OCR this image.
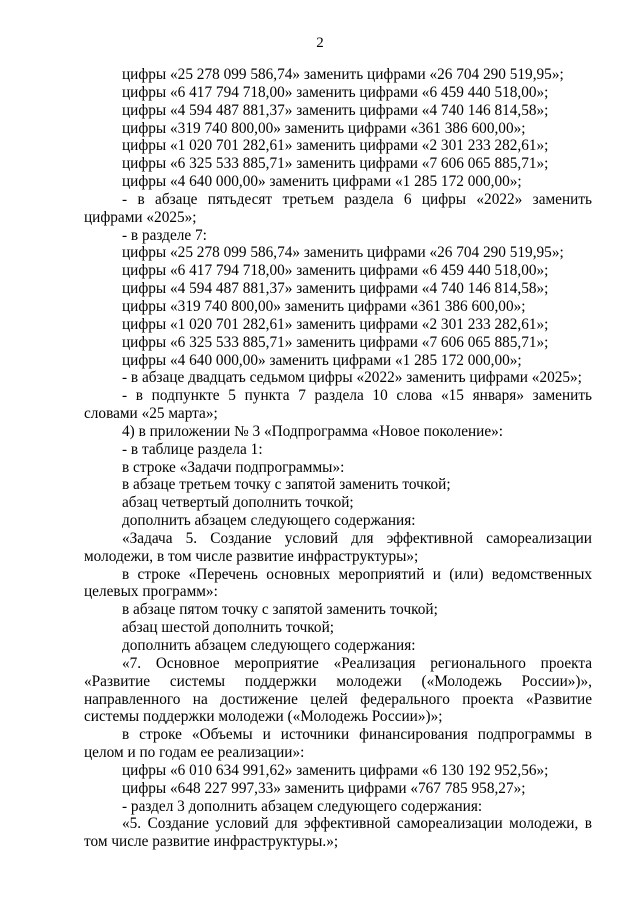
2

цифры «25 278 099 586,74» заменить цифрами «26 704 290 519,95»;

цифры «6 417 794 718,00» заменить цифрами «6 459 440 518,00»;

цифры «4 594 487 881,37» заменить цифрами «4 740 146 814,58»;

цифры «319 740 800,00» заменить цифрами «361 386 600,00»;

цифры «1 020 701 282,61» заменить цифрами «2 301 233 282,61»;

цифры «6 325 533 885,71» заменить цифрами «7 606 065 885,71»;

цифры «4 640 000,00» заменить цифрами «1 285 172 000,00»;

- в абзаце пятьдесят третьем раздела 6 цифры «2022» заменить цифрами «2025»;

- в разделе 7:

цифры «25 278 099 586,74» заменить цифрами «26 704 290 519,95»;

цифры «6 417 794 718,00» заменить цифрами «6 459 440 518,00»;

цифры «4 594 487 881,37» заменить цифрами «4 740 146 814,58»;

цифры «319 740 800,00» заменить цифрами «361 386 600,00»;

цифры «1 020 701 282,61» заменить цифрами «2 301 233 282,61»;

цифры «6 325 533 885,71» заменить цифрами «7 606 065 885,71»;

цифры «4 640 000,00» заменить цифрами «1 285 172 000,00»;

- в абзаце двадцать седьмом цифры «2022» заменить цифрами «2025»;

- в подпункте 5 пункта 7 раздела 10 слова «15 января» заменить словами «25 марта»;

4) в приложении № 3 «Подпрограмма «Новое поколение»:

- в таблице раздела 1:

в строке «Задачи подпрограммы»:

в абзаце третьем точку с запятой заменить точкой;

абзац четвертый дополнить точкой;

дополнить абзацем следующего содержания:

«Задача 5. Создание условий для эффективной самореализации молодежи, в том числе развитие инфраструктуры»;

в строке «Перечень основных мероприятий и (или) ведомственных целевых программ»:

в абзаце пятом точку с запятой заменить точкой;

абзац шестой дополнить точкой;

дополнить абзацем следующего содержания:

«7. Основное мероприятие «Реализация регионального проекта «Развитие системы поддержки молодежи («Молодежь России»)», направленного на достижение целей федерального проекта «Развитие системы поддержки молодежи («Молодежь России»)»;

в строке «Объемы и источники финансирования подпрограммы в целом и по годам ее реализации»:

цифры «6 010 634 991,62» заменить цифрами «6 130 192 952,56»;

цифры «648 227 997,33» заменить цифрами «767 785 958,27»;

- раздел 3 дополнить абзацем следующего содержания:

«5. Создание условий для эффективной самореализации молодежи, в том числе развитие инфраструктуры.»;
